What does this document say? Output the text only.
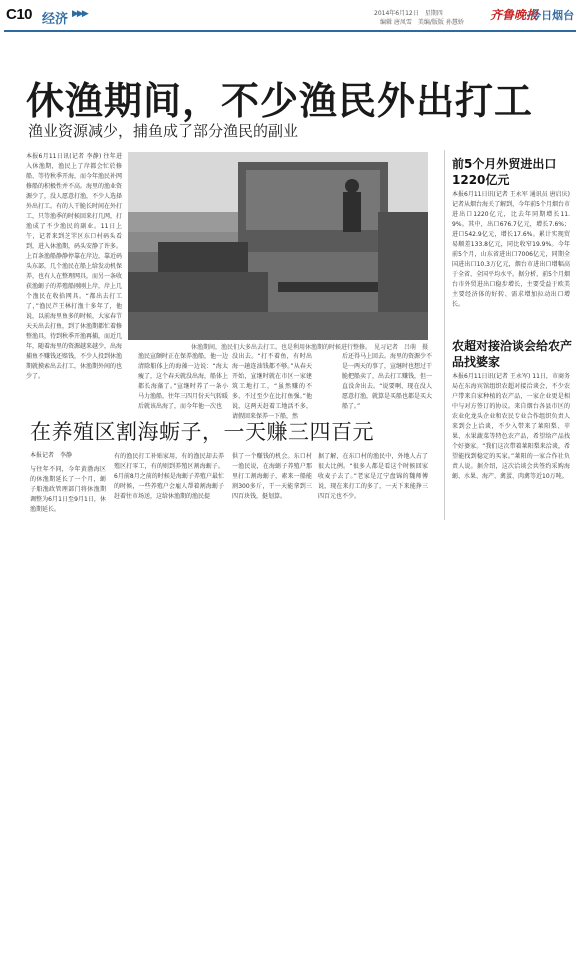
C10 经济 ▶▶▶	2014年6月12日　星期四
编辑 唐凤雪　美编/版版 孙慧娇
齐鲁晚报
·今日烟台
休渔期间，不少渔民外出打工
渔业资源减少，捕鱼成了部分渔民的副业
本报6月11日讯(记者 李静) 往年进入休渔期，渔民上了岸都会忙於修船、等待秋季开海，而今年渔民补网修船的积极性并不高。海里的渔业资源少了，没人愿意打渔，不少人选择外出打工。有的人干脆长时间在外打工，只等渔季的时候回来打几网，打渔成了不少渔民的副业。11日上午，记者来到芝罘区东口村码头看到，进入休渔期，码头安静了许多。上百条渔船静静停靠在岸边，靠近码头东部，几个渔民在船上给发动机保养，也有人在整理网具，而另一条收获渔蛎子的养殖船刚刚上岸，岸上几个渔民在收拾网具。“都出去打工了，”渔民芦王林打渔十多年了，他说，以前海里鱼多的时候，大家春节天天出去打鱼，到了休渔期都忙着修整渔具，待到秋季开渔再捕，而近几年，随着海里的资源越来越少，出海捕鱼不赚钱还赔钱，不少人投到休渔期就摸索出去打工，休渔期外间的也少了。
休渔期间，渔民们大多出去打工。也是利用休渔期的时候进行整修。　见习记者　吕萌　摄
渔民宣颇时正在保养渔船，他一边清除船体上的海藻一边说：“海太瘦了，这个春天就没出海，船体上都长海藻了。”宣继时养了一条小马力渔船，往年三四月份天气转暖后就该出海了，而今年他一次也
没出去。“打不着鱼，有时出海一趟连油钱都不够。”从春天开始，宣继时就在市区一家建筑工地打工，“虽然赚的不多，不过至少在比打鱼强。”他说，这两天赶着工地活不多，请假回来保养一下船，然
后还得马上回去。海里的资源少不是一两天的事了，宣继时也想过干脆把船卖了，出去打工赚钱，但一直没舍出去。“说要啊，现在没人愿意打渔，就算是买船也都是买大船了。”
在养殖区割海蛎子，一天赚三四百元
本报记者　李静
与往年不同，今年黄渤海区的休渔期延长了一个月，蛎子船渔政管理部门将休渔期调整为6月1日至9月1日，休渔期延长。
有的渔民打工补贴家用，有的渔民却去养殖区打零工，有的则到养殖区割海蛎子。6月前8月之前的时候是海蛎子养殖户最忙的时候，一些养殖户会雇人帮着割海蛎子赶着往市场送，这给休渔期的渔民提
供了一个赚钱的机会。东口村一渔民说，在海蛎子养殖户那里打工割海蛎子，素来一船能割300多斤，干一天能拿到三四百块钱，挺划算。
据了解，在东口村的渔民中，外地人占了很大比例。“很多人都是看这个时候回家收麦子去了。”老家是辽宁盘锦的魏师傅说，现在来打工的多了，一天下来能挣三四百元也不少。
前5个月外贸进出口1220亿元
本报6月11日讯(记者 王永军 通讯员 唐启庆) 记者从烟台海关了解到，今年前5个月烟台市进出口1220亿元，比去年同期增长11.9%。其中，出口676.7亿元，增长7.6%；进口542.9亿元，增长17.6%。累计实现贸易顺差133.8亿元，同比收窄19.9%。今年前5个月，山东省进出口7006亿元，同期全国进出口10.3万亿元，烟台市进出口增幅高于全省、全国平均水平。据分析，前5个月烟台市外贸进出口稳步增长，主要受益于欧美主要经济体的好转、需求增加拉动出口增长。
农超对接洽谈会给农产品找婆家
本报6月11日讯(记者 王永军) 11日，市商务局在东海宾馆组织农超对接洽谈会，不少农户带来自家种植的农产品，一家企业更是相中与对方签订的协议。来自烟台各县市区的农业化龙头企业和农民专业合作组织负责人来到会上洽谈，不少入带来了莱阳梨、苹果、水果蔬菜等特色农产品，希望给产品找个好婆家。“我们这次带着莱阳梨来洽谈，希望能找到稳定的买家。”莱阳的一家合作社负责人说。据介绍，这次洽谈会共签约采购海蛎、水果、海产、禽蛋、肉禽等近10万吨。
